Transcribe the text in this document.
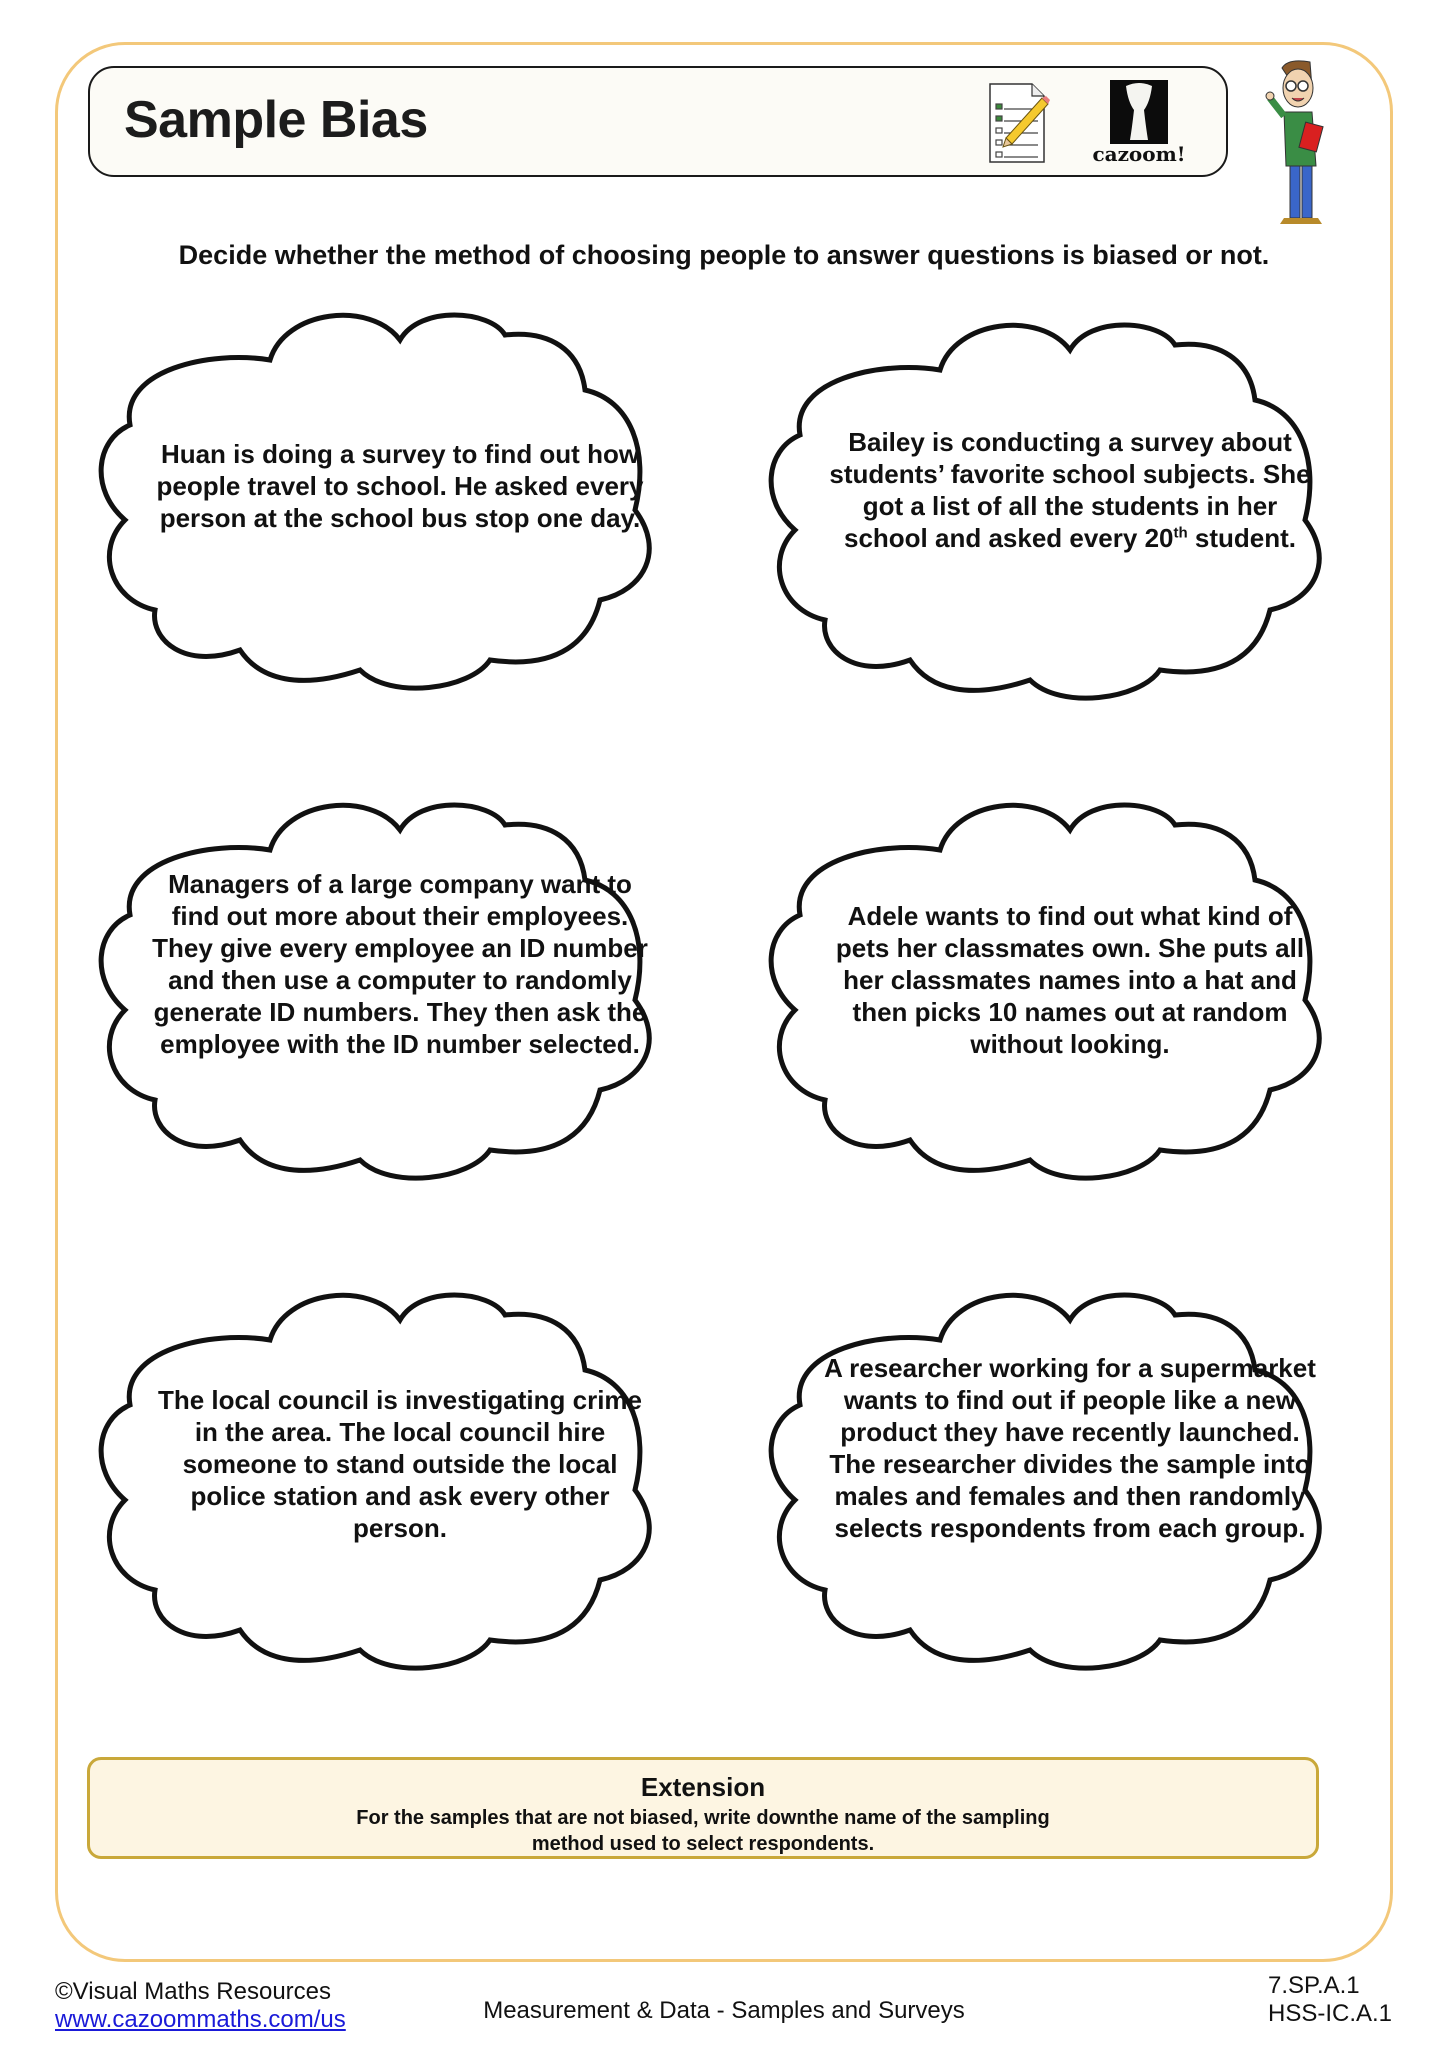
Sample Bias
cazoom!
Decide whether the method of choosing people to answer questions is biased or not.
Huan is doing a survey to find out how people travel to school. He asked every person at the school bus stop one day.
Bailey is conducting a survey about students’ favorite school subjects. She got a list of all the students in her school and asked every 20th student.
Managers of a large company want to find out more about their employees. They give every employee an ID number and then use a computer to randomly generate ID numbers. They then ask the employee with the ID number selected.
Adele wants to find out what kind of pets her classmates own. She puts all her classmates names into a hat and then picks 10 names out at random without looking.
The local council is investigating crime in the area. The local council hire someone to stand outside the local police station and ask every other person.
A researcher working for a supermarket wants to find out if people like a new product they have recently launched. The researcher divides the sample into males and females and then randomly selects respondents from each group.
Extension
For the samples that are not biased, write downthe name of the sampling method used to select respondents.
©Visual Maths Resources
www.cazoommaths.com/us	Measurement & Data - Samples and Surveys
7.SP.A.1
HSS-IC.A.1
